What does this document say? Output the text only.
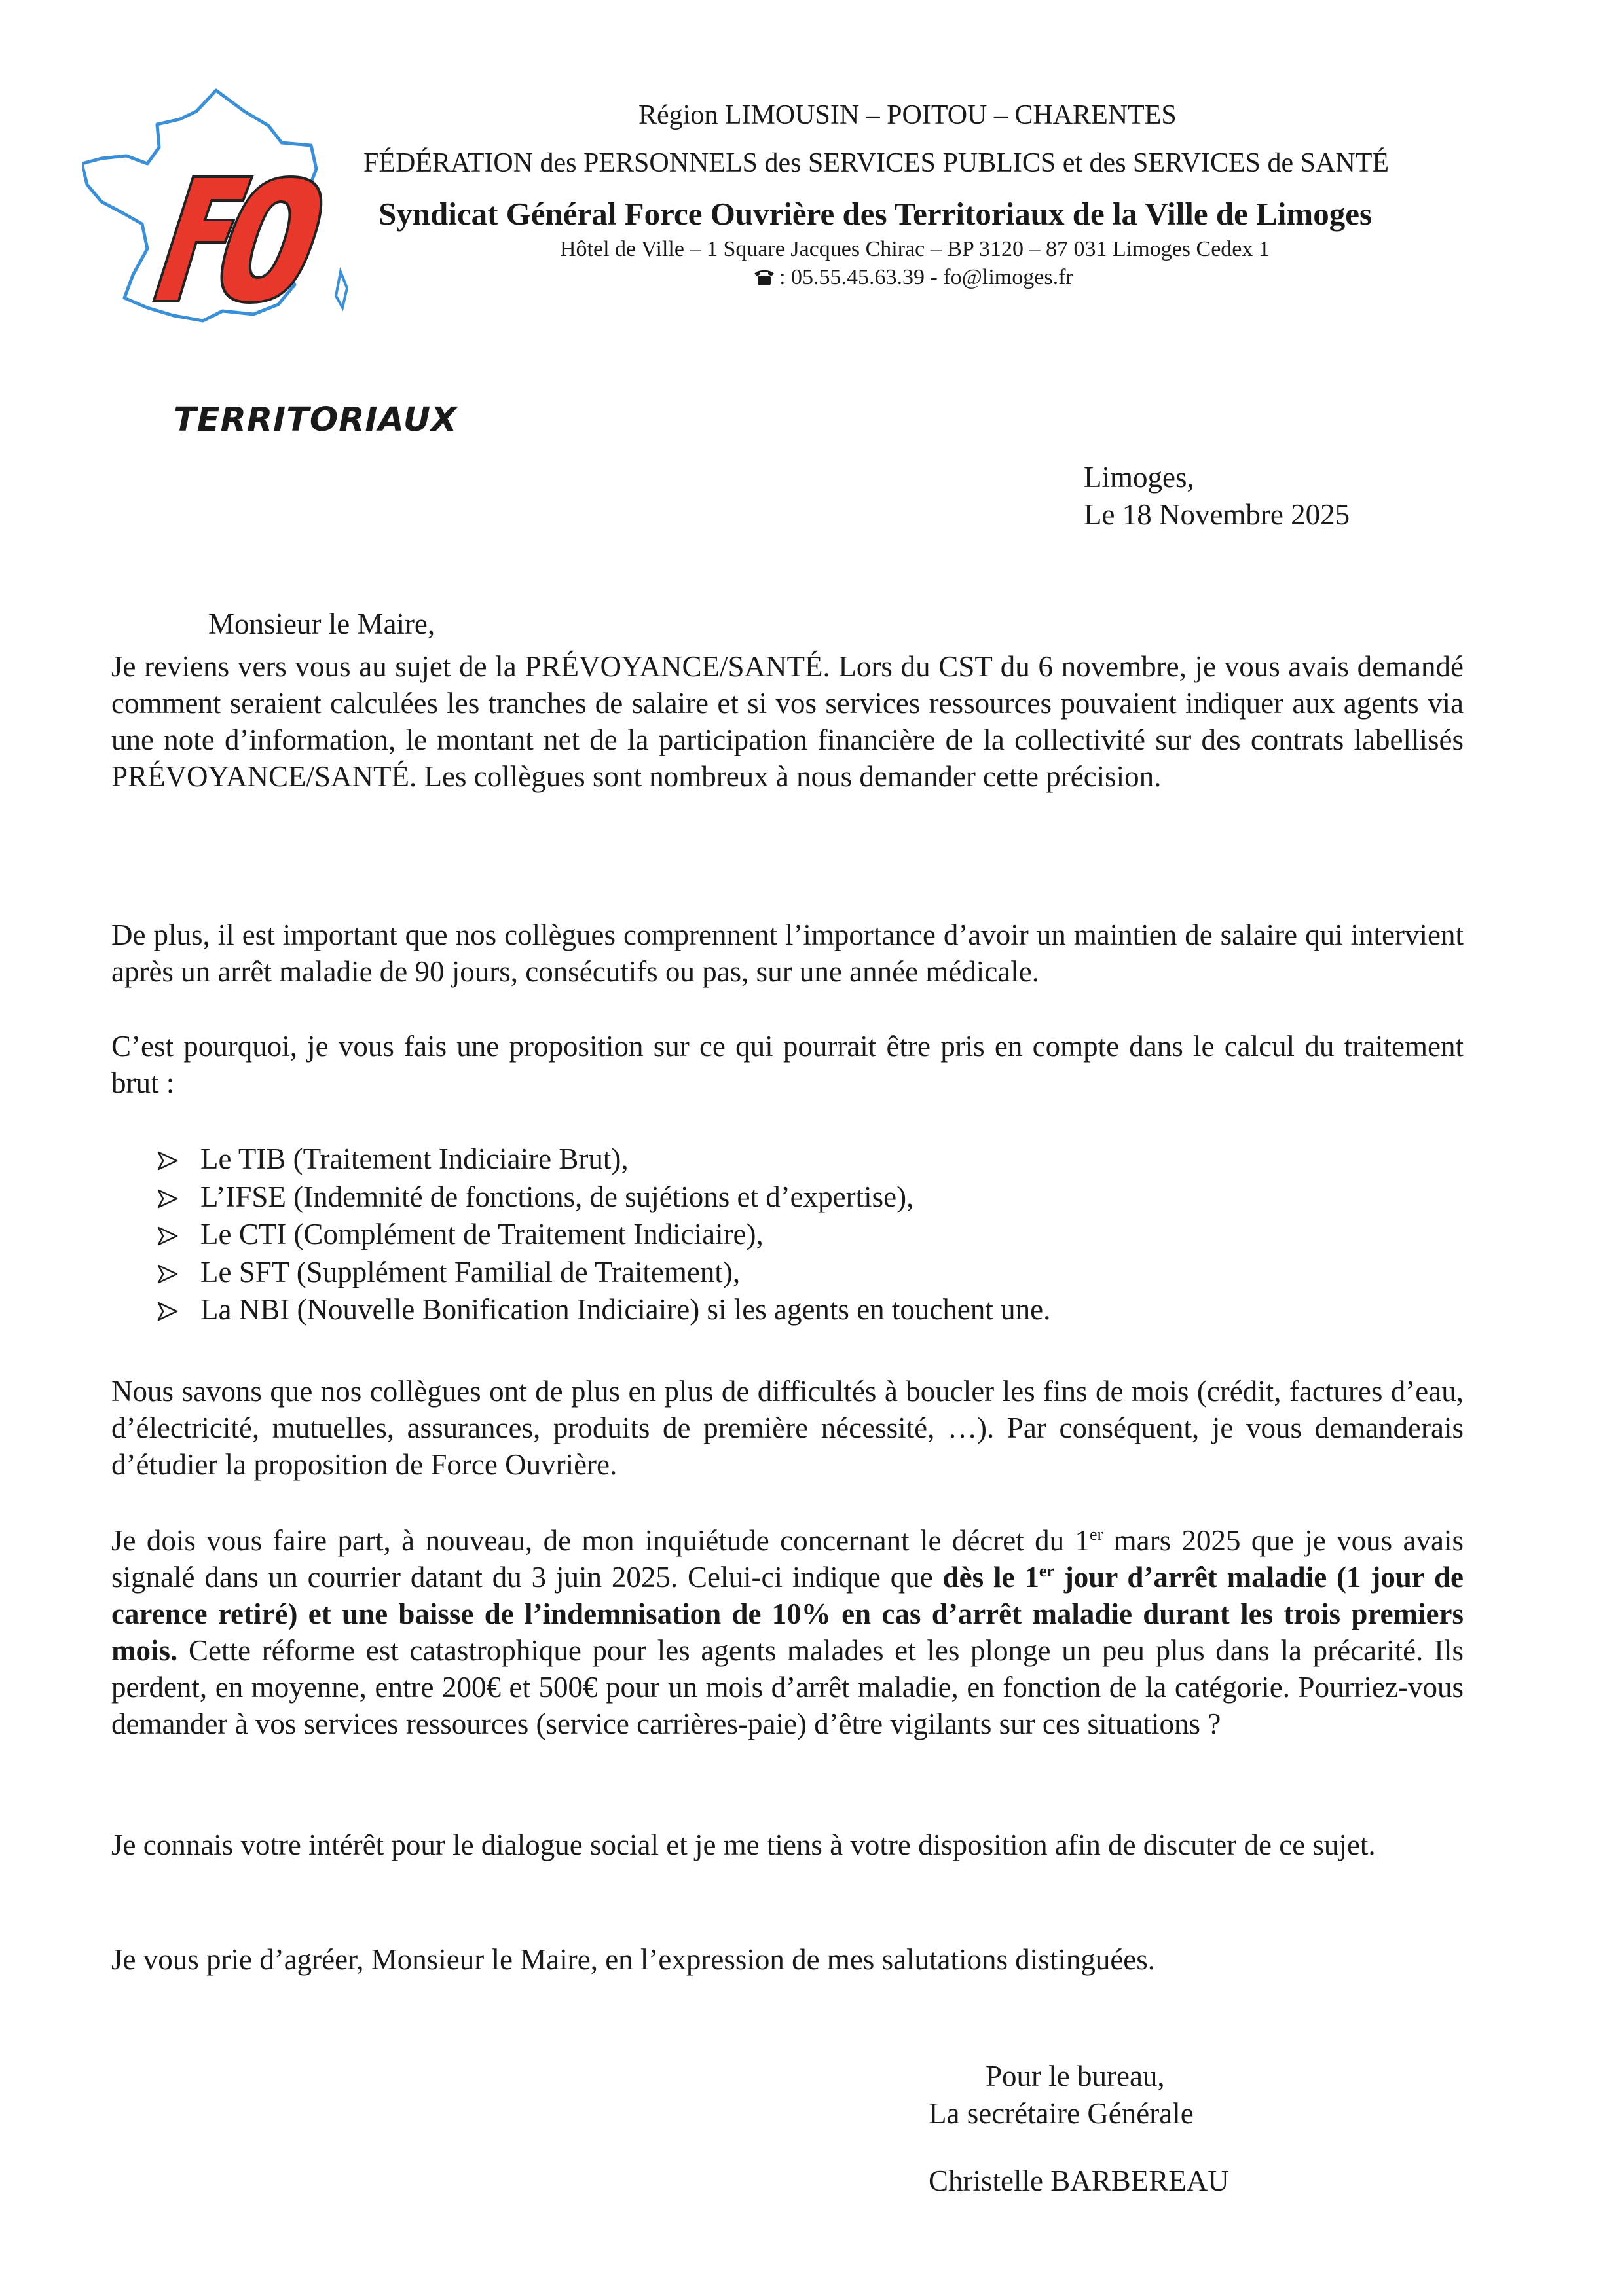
TERRITORIAUX
Région LIMOUSIN – POITOU – CHARENTES
FÉDÉRATION des PERSONNELS des SERVICES PUBLICS et des SERVICES de SANTÉ
Syndicat Général Force Ouvrière des Territoriaux de la Ville de Limoges
Hôtel de Ville – 1 Square Jacques Chirac – BP 3120 – 87 031 Limoges Cedex 1
: 05.55.45.63.39 - fo@limoges.fr
Limoges,
Le 18 Novembre 2025
Monsieur le Maire,

Je reviens vers vous au sujet de la PRÉVOYANCE/SANTÉ. Lors du CST du 6 novembre, je vous avais demandé comment seraient calculées les tranches de salaire et si vos services ressources pouvaient indiquer aux agents via une note d’information, le montant net de la participation financière de la collectivité sur des contrats labellisés PRÉVOYANCE/SANTÉ. Les collègues sont nombreux à nous demander cette précision.

De plus, il est important que nos collègues comprennent l’importance d’avoir un maintien de salaire qui intervient après un arrêt maladie de 90 jours, consécutifs ou pas, sur une année médicale.

C’est pourquoi, je vous fais une proposition sur ce qui pourrait être pris en compte dans le calcul du traitement brut :

Le TIB (Traitement Indiciaire Brut),
L’IFSE (Indemnité de fonctions, de sujétions et d’expertise),
Le CTI (Complément de Traitement Indiciaire),
Le SFT (Supplément Familial de Traitement),
La NBI (Nouvelle Bonification Indiciaire) si les agents en touchent une.

Nous savons que nos collègues ont de plus en plus de difficultés à boucler les fins de mois (crédit, factures d’eau, d’électricité, mutuelles, assurances, produits de première nécessité, …). Par conséquent, je vous demanderais d’étudier la proposition de Force Ouvrière.

Je dois vous faire part, à nouveau, de mon inquiétude concernant le décret du 1er mars 2025 que je vous avais signalé dans un courrier datant du 3 juin 2025. Celui-ci indique que dès le 1er jour d’arrêt maladie (1 jour de carence retiré) et une baisse de l’indemnisation de 10% en cas d’arrêt maladie durant les trois premiers mois. Cette réforme est catastrophique pour les agents malades et les plonge un peu plus dans la précarité. Ils perdent, en moyenne, entre 200€ et 500€ pour un mois d’arrêt maladie, en fonction de la catégorie. Pourriez-vous demander à vos services ressources (service carrières-paie) d’être vigilants sur ces situations ?

Je connais votre intérêt pour le dialogue social et je me tiens à votre disposition afin de discuter de ce sujet.

Je vous prie d’agréer, Monsieur le Maire, en l’expression de mes salutations distinguées.

Pour le bureau,
La secrétaire Générale
Christelle BARBEREAU
